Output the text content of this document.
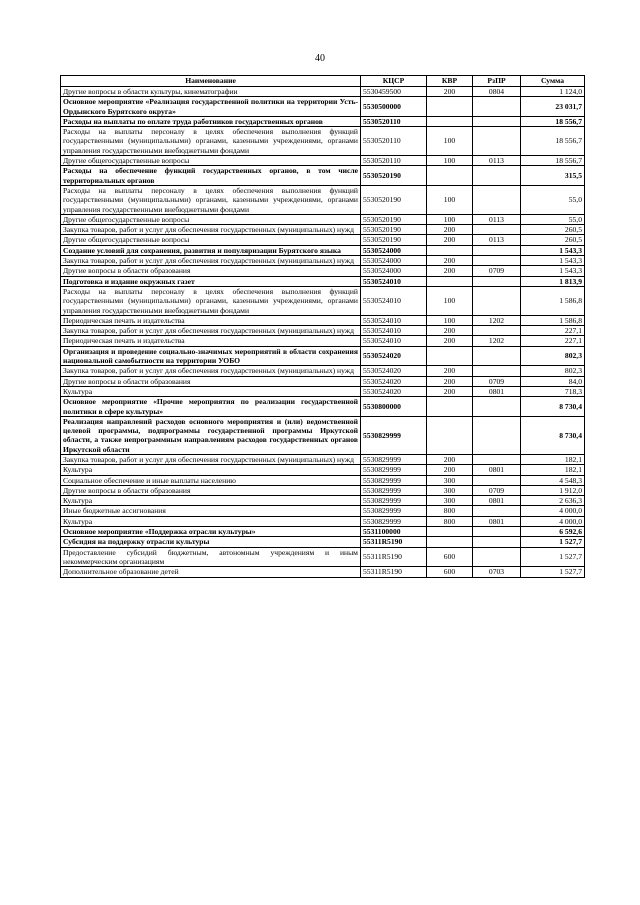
40
Наименование	КЦСР	КВР	РзПР	Сумма
Другие вопросы в области культуры, кинематографии	5530459500	200	0804	1 124,0
Основное мероприятие «Реализация государственной политики на территории Усть-Ордынского Бурятского округа»	5530500000			23 031,7
Расходы на выплаты по оплате труда работников государственных органов	5530520110			18 556,7
Расходы на выплаты персоналу в целях обеспечения выполнения функций государственными (муниципальными) органами, казенными учреждениями, органами управления государственными внебюджетными фондами	5530520110	100		18 556,7
Другие общегосударственные вопросы	5530520110	100	0113	18 556,7
Расходы на обеспечение функций государственных органов, в том числе территориальных органов	5530520190			315,5
Расходы на выплаты персоналу в целях обеспечения выполнения функций государственными (муниципальными) органами, казенными учреждениями, органами управления государственными внебюджетными фондами	5530520190	100		55,0
Другие общегосударственные вопросы	5530520190	100	0113	55,0
Закупка товаров, работ и услуг для обеспечения государственных (муниципальных) нужд	5530520190	200		260,5
Другие общегосударственные вопросы	5530520190	200	0113	260,5
Создание условий для сохранения, развития и популяризации Бурятского языка	5530524000			1 543,3
Закупка товаров, работ и услуг для обеспечения государственных (муниципальных) нужд	5530524000	200		1 543,3
Другие вопросы в области образования	5530524000	200	0709	1 543,3
Подготовка и издание окружных газет	5530524010			1 813,9
Расходы на выплаты персоналу в целях обеспечения выполнения функций государственными (муниципальными) органами, казенными учреждениями, органами управления государственными внебюджетными фондами	5530524010	100		1 586,8
Периодическая печать и издательства	5530524010	100	1202	1 586,8
Закупка товаров, работ и услуг для обеспечения государственных (муниципальных) нужд	5530524010	200		227,1
Периодическая печать и издательства	5530524010	200	1202	227,1
Организация и проведение социально-значимых мероприятий в области сохранения национальной самобытности на территории УОБО	5530524020			802,3
Закупка товаров, работ и услуг для обеспечения государственных (муниципальных) нужд	5530524020	200		802,3
Другие вопросы в области образования	5530524020	200	0709	84,0
Культура	5530524020	200	0801	718,3
Основное мероприятие «Прочие мероприятия по реализации государственной политики в сфере культуры»	5530800000			8 730,4
Реализация направлений расходов основного мероприятия и (или) ведомственной целевой программы, подпрограммы государственной программы Иркутской области, а также непрограммным направлениям расходов государственных органов Иркутской области	5530829999			8 730,4
Закупка товаров, работ и услуг для обеспечения государственных (муниципальных) нужд	5530829999	200		182,1
Культура	5530829999	200	0801	182,1
Социальное обеспечение и иные выплаты населению	5530829999	300		4 548,3
Другие вопросы в области образования	5530829999	300	0709	1 912,0
Культура	5530829999	300	0801	2 636,3
Иные бюджетные ассигнования	5530829999	800		4 000,0
Культура	5530829999	800	0801	4 000,0
Основное мероприятие «Поддержка отрасли культуры»	5531100000			6 592,6
Субсидия на поддержку отрасли культуры	55311R5190			1 527,7
Предоставление субсидий бюджетным, автономным учреждениям и иным некоммерческим организациям	55311R5190	600		1 527,7
Дополнительное образование детей	55311R5190	600	0703	1 527,7
